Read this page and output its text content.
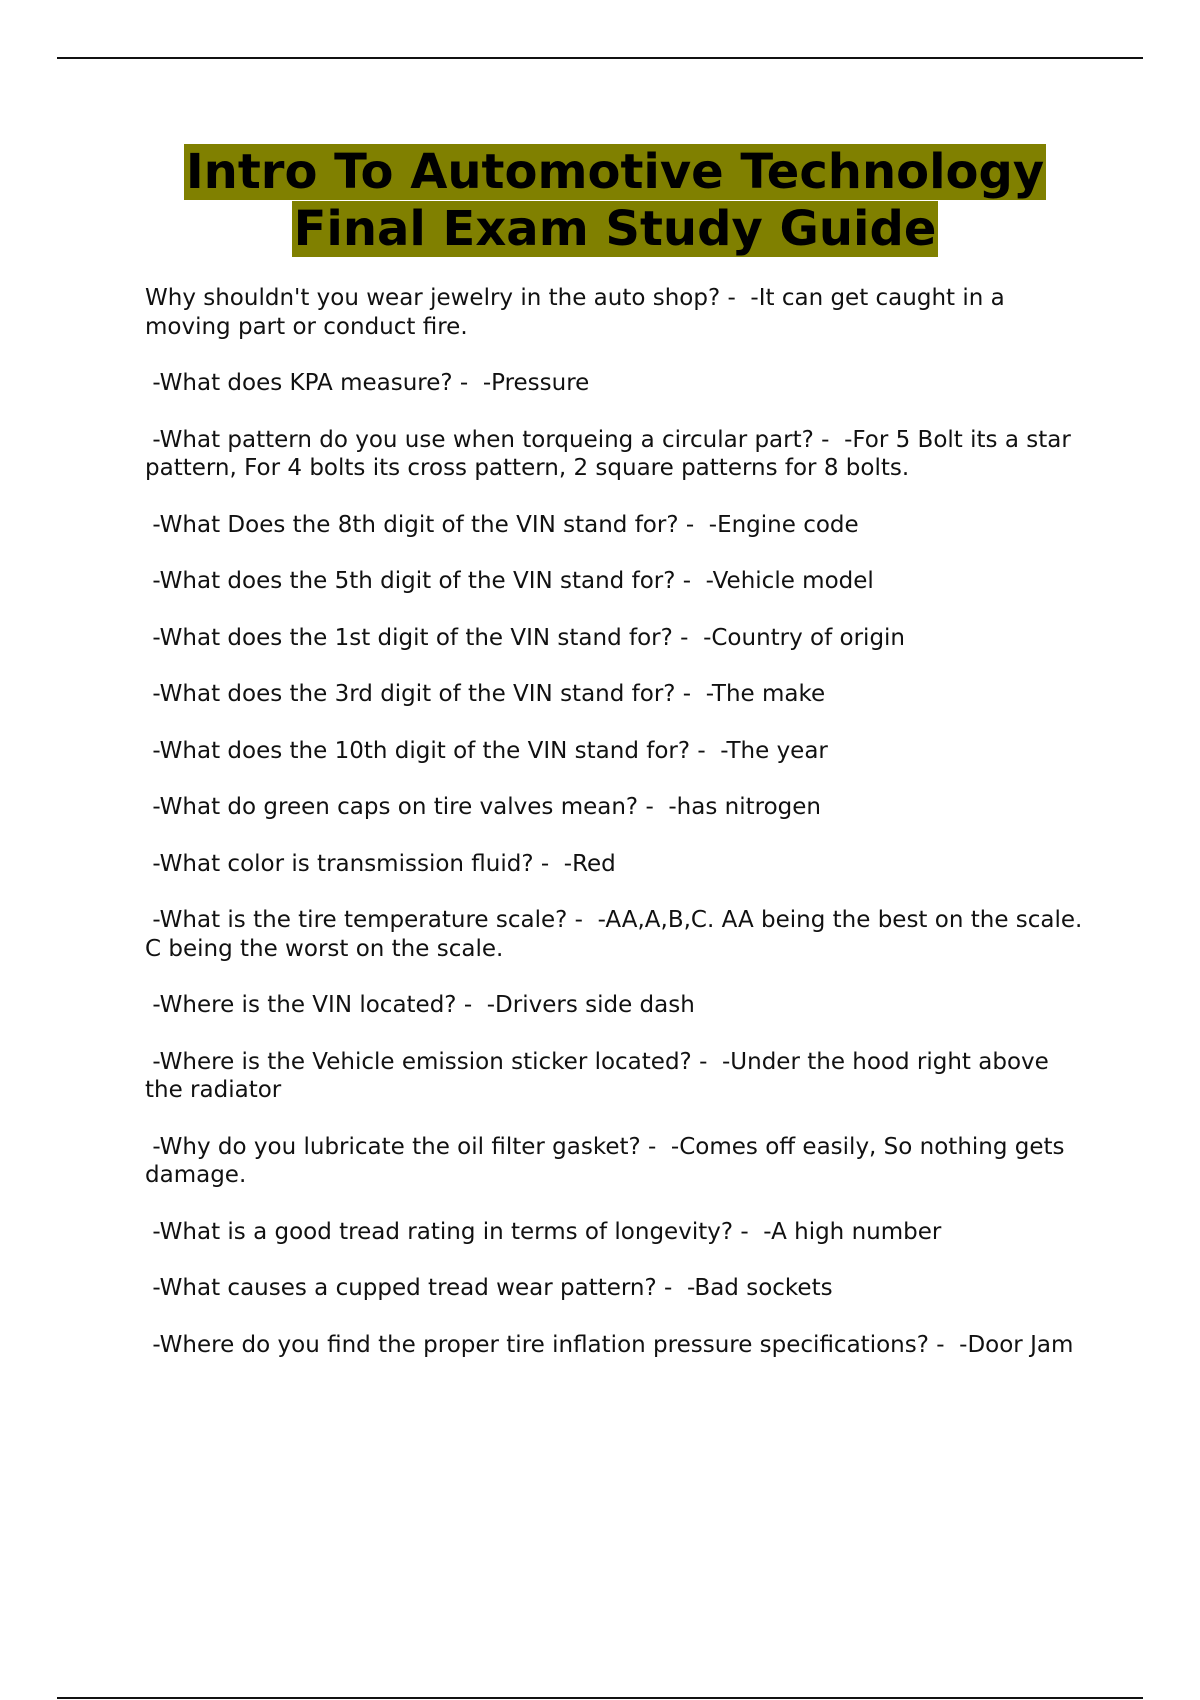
Intro To Automotive Technology
Final Exam Study Guide
Why shouldn't you wear jewelry in the auto shop? -  -It can get caught in a moving part or conduct fire.
-What does KPA measure? -  -Pressure
-What pattern do you use when torqueing a circular part? -  -For 5 Bolt its a star pattern, For 4 bolts its cross pattern, 2 square patterns for 8 bolts.
-What Does the 8th digit of the VIN stand for? -  -Engine code
-What does the 5th digit of the VIN stand for? -  -Vehicle model
-What does the 1st digit of the VIN stand for? -  -Country of origin
-What does the 3rd digit of the VIN stand for? -  -The make
-What does the 10th digit of the VIN stand for? -  -The year
-What do green caps on tire valves mean? -  -has nitrogen
-What color is transmission fluid? -  -Red
-What is the tire temperature scale? -  -AA,A,B,C. AA being the best on the scale. C being the worst on the scale.
-Where is the VIN located? -  -Drivers side dash
-Where is the Vehicle emission sticker located? -  -Under the hood right above the radiator
-Why do you lubricate the oil filter gasket? -  -Comes off easily, So nothing gets damage.
-What is a good tread rating in terms of longevity? -  -A high number
-What causes a cupped tread wear pattern? -  -Bad sockets
-Where do you find the proper tire inflation pressure specifications? -  -Door Jam
